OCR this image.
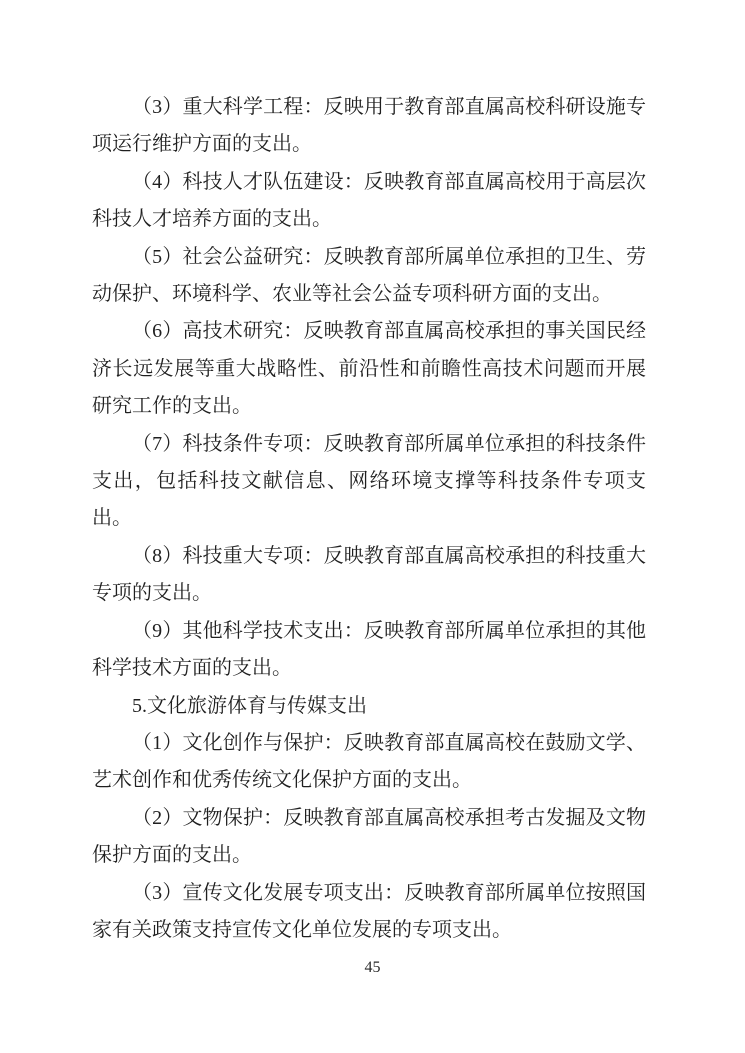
（3）重大科学工程：反映用于教育部直属高校科研设施专项运行维护方面的支出。

（4）科技人才队伍建设：反映教育部直属高校用于高层次科技人才培养方面的支出。

（5）社会公益研究：反映教育部所属单位承担的卫生、劳动保护、环境科学、农业等社会公益专项科研方面的支出。

（6）高技术研究：反映教育部直属高校承担的事关国民经济长远发展等重大战略性、前沿性和前瞻性高技术问题而开展研究工作的支出。

（7）科技条件专项：反映教育部所属单位承担的科技条件支出，包括科技文献信息、网络环境支撑等科技条件专项支出。

（8）科技重大专项：反映教育部直属高校承担的科技重大专项的支出。

（9）其他科学技术支出：反映教育部所属单位承担的其他科学技术方面的支出。

5.文化旅游体育与传媒支出

（1）文化创作与保护：反映教育部直属高校在鼓励文学、艺术创作和优秀传统文化保护方面的支出。

（2）文物保护：反映教育部直属高校承担考古发掘及文物保护方面的支出。

（3）宣传文化发展专项支出：反映教育部所属单位按照国家有关政策支持宣传文化单位发展的专项支出。

45
